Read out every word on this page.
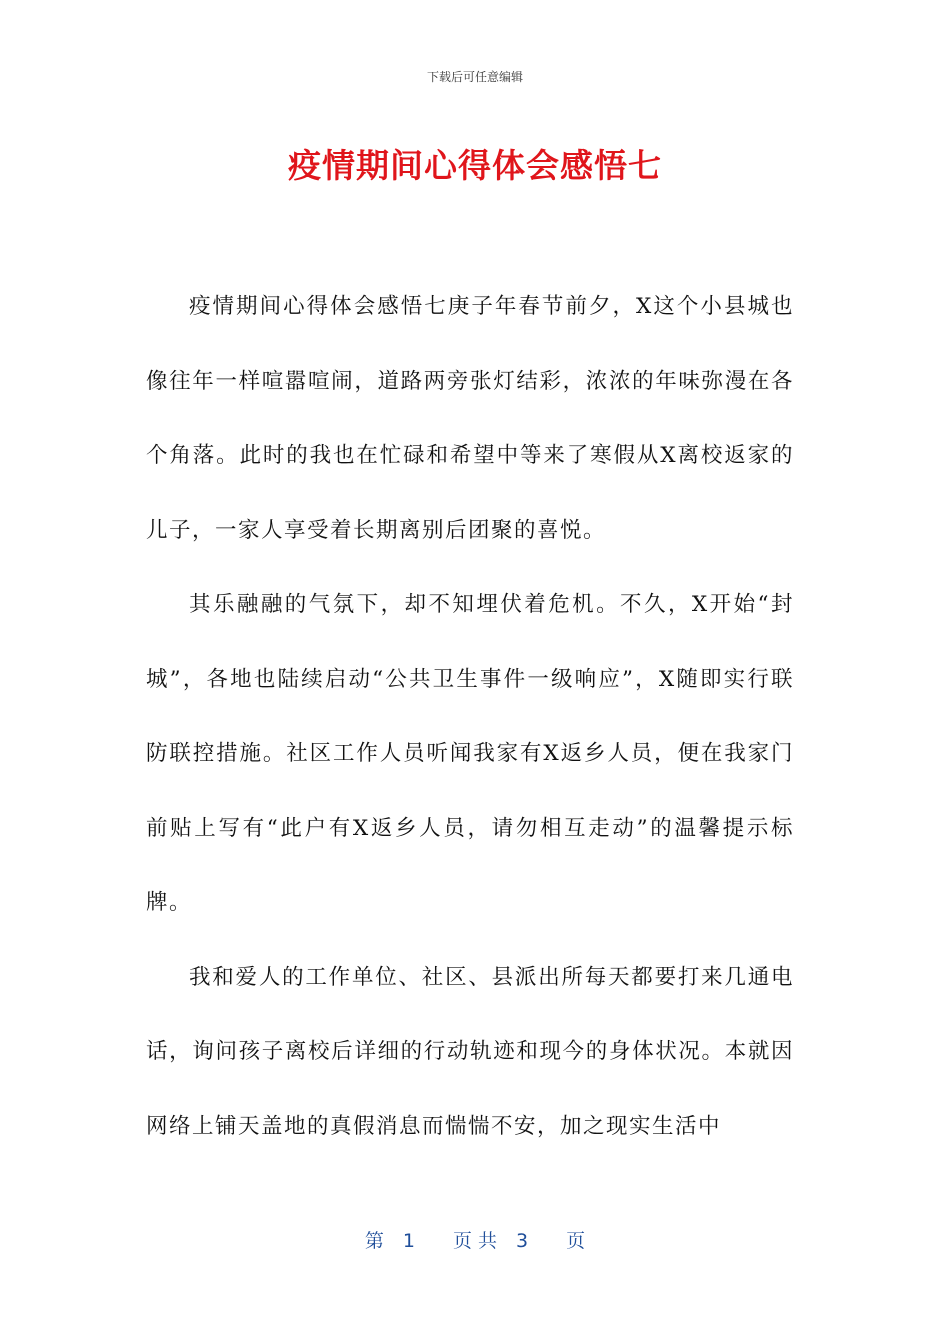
下载后可任意编辑
疫情期间心得体会感悟七

疫情期间心得体会感悟七庚子年春节前夕，X这个小县城也像往年一样喧嚣喧闹，道路两旁张灯结彩，浓浓的年味弥漫在各个角落。此时的我也在忙碌和希望中等来了寒假从X离校返家的儿子，一家人享受着长期离别后团聚的喜悦。

其乐融融的气氛下，却不知埋伏着危机。不久，X开始“封城”，各地也陆续启动“公共卫生事件一级响应”，X随即实行联防联控措施。社区工作人员听闻我家有X返乡人员，便在我家门前贴上写有“此户有X返乡人员，请勿相互走动”的温馨提示标牌。

我和爱人的工作单位、社区、县派出所每天都要打来几通电话，询问孩子离校后详细的行动轨迹和现今的身体状况。本就因网络上铺天盖地的真假消息而惴惴不安，加之现实生活中

第　1　　页 共　3　　页
